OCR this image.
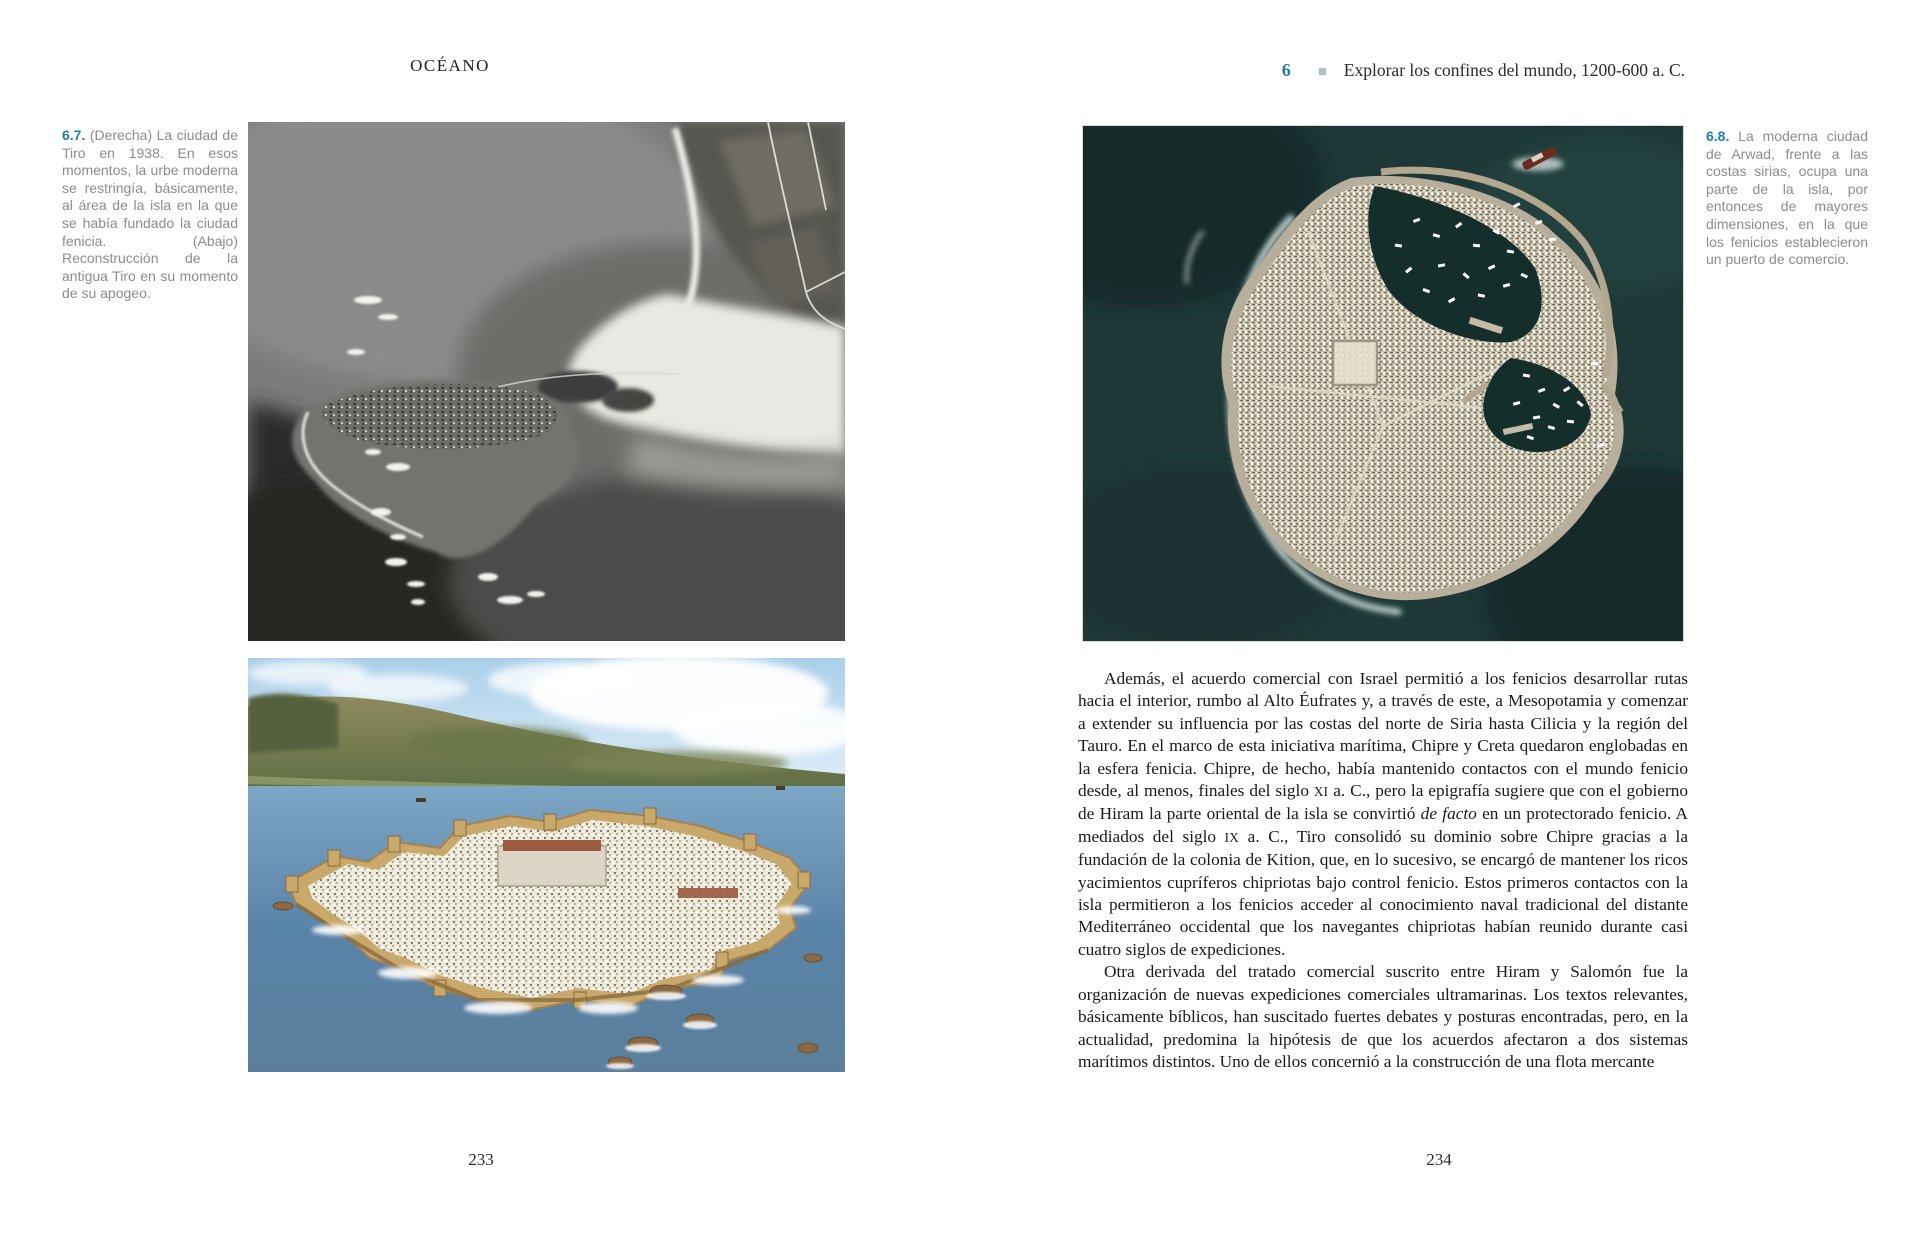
OCÉANO
6.7. (Derecha) La ciudad de Tiro en 1938. En esos momentos, la urbe moderna se restringía, básicamente, al área de la isla en la que se había fundado la ciudad fenicia. (Abajo) Reconstrucción de la antigua Tiro en su momento de su apogeo.
233
6	Explorar los confines del mundo, 1200-600 a. C.
6.8. La moderna ciudad de Arwad, frente a las costas sirias, ocupa una parte de la isla, por entonces de mayores dimensiones, en la que los fenicios establecieron un puerto de comercio.

Además, el acuerdo comercial con Israel permitió a los fenicios desarrollar rutas hacia el interior, rumbo al Alto Éufrates y, a través de este, a Mesopotamia y comenzar a extender su influencia por las costas del norte de Siria hasta Cilicia y la región del Tauro. En el marco de esta iniciativa marítima, Chipre y Creta quedaron englobadas en la esfera fenicia. Chipre, de hecho, había mantenido contactos con el mundo fenicio desde, al menos, finales del siglo XI a. C., pero la epigrafía sugiere que con el gobierno de Hiram la parte oriental de la isla se convirtió de facto en un protectorado fenicio. A mediados del siglo IX a. C., Tiro consolidó su dominio sobre Chipre gracias a la fundación de la colonia de Kition, que, en lo sucesivo, se encargó de mantener los ricos yacimientos cupríferos chipriotas bajo control fenicio. Estos primeros contactos con la isla permitieron a los fenicios acceder al conocimiento naval tradicional del distante Mediterráneo occidental que los navegantes chipriotas habían reunido durante casi cuatro siglos de expediciones.

Otra derivada del tratado comercial suscrito entre Hiram y Salomón fue la organización de nuevas expediciones comerciales ultramarinas. Los textos relevantes, básicamente bíblicos, han suscitado fuertes debates y posturas encontradas, pero, en la actualidad, predomina la hipótesis de que los acuerdos afectaron a dos sistemas marítimos distintos. Uno de ellos concernió a la construcción de una flota mercante

234
